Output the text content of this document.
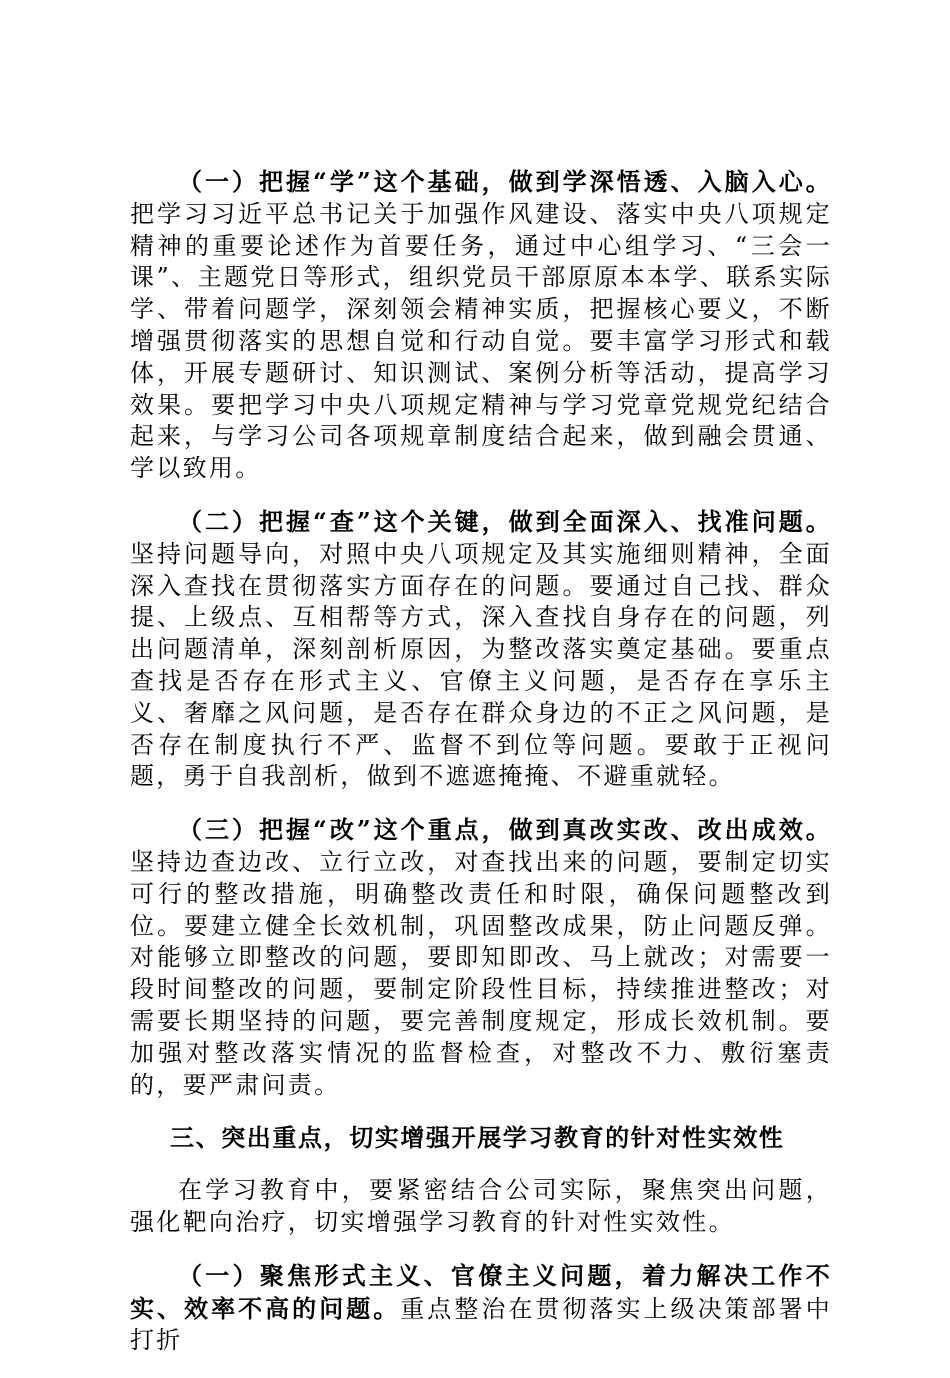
（一）把握“学”这个基础，做到学深悟透、入脑入心。把学习习近平总书记关于加强作风建设、落实中央八项规定精神的重要论述作为首要任务，通过中心组学习、“三会一课”、主题党日等形式，组织党员干部原原本本学、联系实际学、带着问题学，深刻领会精神实质，把握核心要义，不断增强贯彻落实的思想自觉和行动自觉。要丰富学习形式和载体，开展专题研讨、知识测试、案例分析等活动，提高学习效果。要把学习中央八项规定精神与学习党章党规党纪结合起来，与学习公司各项规章制度结合起来，做到融会贯通、学以致用。

（二）把握“查”这个关键，做到全面深入、找准问题。坚持问题导向，对照中央八项规定及其实施细则精神，全面深入查找在贯彻落实方面存在的问题。要通过自己找、群众提、上级点、互相帮等方式，深入查找自身存在的问题，列出问题清单，深刻剖析原因，为整改落实奠定基础。要重点查找是否存在形式主义、官僚主义问题，是否存在享乐主义、奢靡之风问题，是否存在群众身边的不正之风问题，是否存在制度执行不严、监督不到位等问题。要敢于正视问题，勇于自我剖析，做到不遮遮掩掩、不避重就轻。

（三）把握“改”这个重点，做到真改实改、改出成效。坚持边查边改、立行立改，对查找出来的问题，要制定切实可行的整改措施，明确整改责任和时限，确保问题整改到位。要建立健全长效机制，巩固整改成果，防止问题反弹。对能够立即整改的问题，要即知即改、马上就改；对需要一段时间整改的问题，要制定阶段性目标，持续推进整改；对需要长期坚持的问题，要完善制度规定，形成长效机制。要加强对整改落实情况的监督检查，对整改不力、敷衍塞责的，要严肃问责。

三、突出重点，切实增强开展学习教育的针对性实效性

在学习教育中，要紧密结合公司实际，聚焦突出问题，强化靶向治疗，切实增强学习教育的针对性实效性。

（一）聚焦形式主义、官僚主义问题，着力解决工作不实、效率不高的问题。重点整治在贯彻落实上级决策部署中打折
